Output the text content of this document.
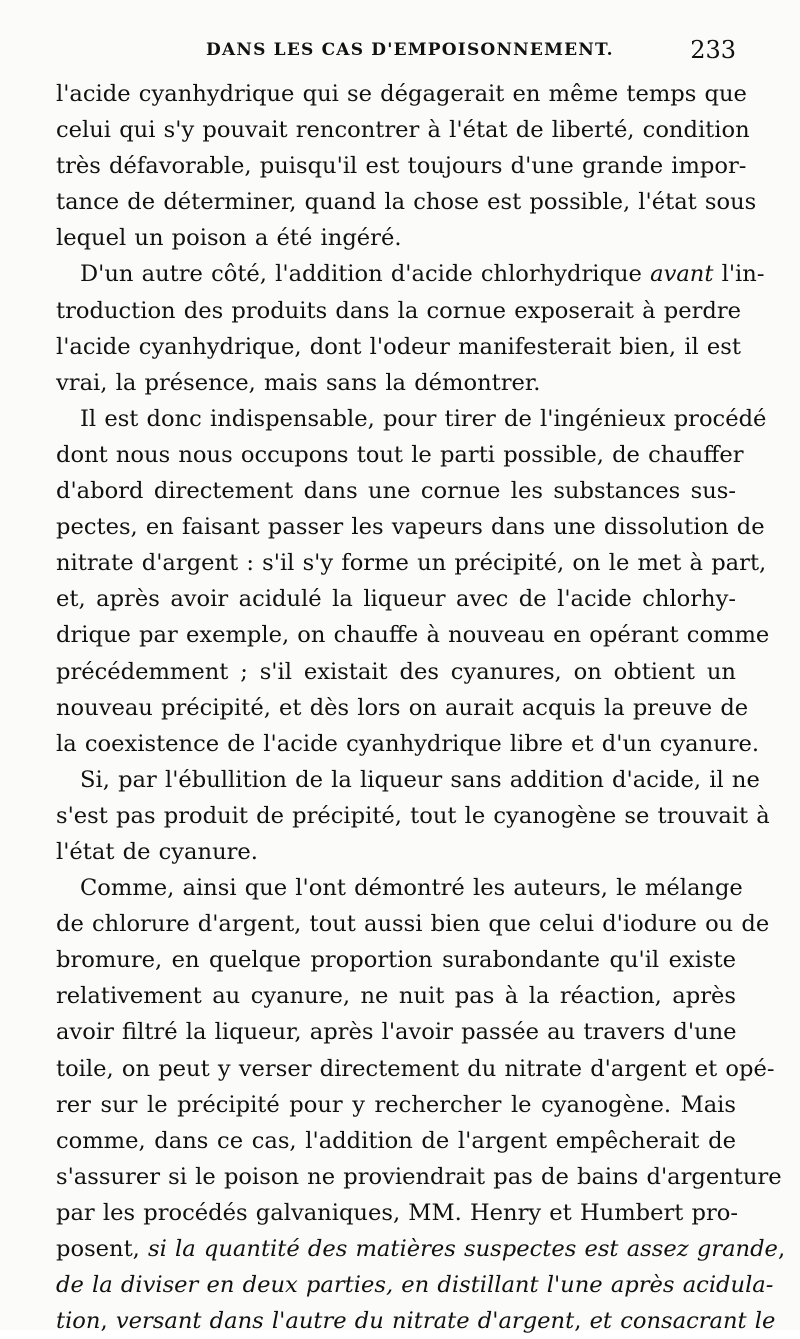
DANS LES CAS D'EMPOISONNEMENT.	233
l'acide cyanhydrique qui se dégagerait en même temps que
celui qui s'y pouvait rencontrer à l'état de liberté, condition
très défavorable, puisqu'il est toujours d'une grande impor-
tance de déterminer, quand la chose est possible, l'état sous
lequel un poison a été ingéré.
D'un autre côté, l'addition d'acide chlorhydrique avant l'in-
troduction des produits dans la cornue exposerait à perdre
l'acide cyanhydrique, dont l'odeur manifesterait bien, il est
vrai, la présence, mais sans la démontrer.
Il est donc indispensable, pour tirer de l'ingénieux procédé
dont nous nous occupons tout le parti possible, de chauffer
d'abord directement dans une cornue les substances sus-
pectes, en faisant passer les vapeurs dans une dissolution de
nitrate d'argent : s'il s'y forme un précipité, on le met à part,
et, après avoir acidulé la liqueur avec de l'acide chlorhy-
drique par exemple, on chauffe à nouveau en opérant comme
précédemment ; s'il existait des cyanures, on obtient un
nouveau précipité, et dès lors on aurait acquis la preuve de
la coexistence de l'acide cyanhydrique libre et d'un cyanure.
Si, par l'ébullition de la liqueur sans addition d'acide, il ne
s'est pas produit de précipité, tout le cyanogène se trouvait à
l'état de cyanure.
Comme, ainsi que l'ont démontré les auteurs, le mélange
de chlorure d'argent, tout aussi bien que celui d'iodure ou de
bromure, en quelque proportion surabondante qu'il existe
relativement au cyanure, ne nuit pas à la réaction, après
avoir filtré la liqueur, après l'avoir passée au travers d'une
toile, on peut y verser directement du nitrate d'argent et opé-
rer sur le précipité pour y rechercher le cyanogène. Mais
comme, dans ce cas, l'addition de l'argent empêcherait de
s'assurer si le poison ne proviendrait pas de bains d'argenture
par les procédés galvaniques, MM. Henry et Humbert pro-
posent, si la quantité des matières suspectes est assez grande,
de la diviser en deux parties, en distillant l'une après acidula-
tion, versant dans l'autre du nitrate d'argent, et consacrant le
